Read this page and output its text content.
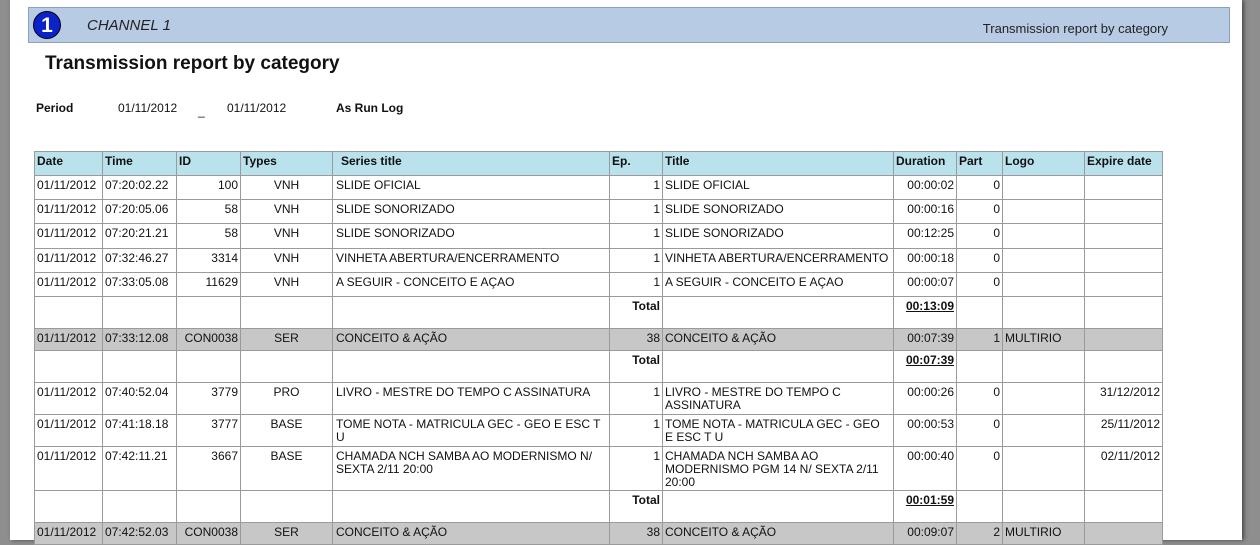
1	CHANNEL 1	Transmission report by category
Transmission report by category
Period	01/11/2012 _ 01/11/2012	As Run Log
Date	Time	ID	Types	Series title	Ep.	Title	Duration	Part	Logo	Expire date
01/11/2012	07:20:02.22	100	VNH	SLIDE OFICIAL	1	SLIDE OFICIAL	00:00:02	0		
01/11/2012	07:20:05.06	58	VNH	SLIDE SONORIZADO	1	SLIDE SONORIZADO	00:00:16	0		
01/11/2012	07:20:21.21	58	VNH	SLIDE SONORIZADO	1	SLIDE SONORIZADO	00:12:25	0		
01/11/2012	07:32:46.27	3314	VNH	VINHETA ABERTURA/ENCERRAMENTO	1	VINHETA ABERTURA/ENCERRAMENTO	00:00:18	0		
01/11/2012	07:33:05.08	11629	VNH	A SEGUIR - CONCEITO E AÇAO	1	A SEGUIR - CONCEITO E AÇAO	00:00:07	0		
					Total		00:13:09			
01/11/2012	07:33:12.08	CON0038	SER	CONCEITO & AÇÃO	38	CONCEITO & AÇÃO	00:07:39	1	MULTIRIO	
					Total		00:07:39			
01/11/2012	07:40:52.04	3779	PRO	LIVRO - MESTRE DO TEMPO C ASSINATURA	1	LIVRO - MESTRE DO TEMPO C ASSINATURA	00:00:26	0		31/12/2012
01/11/2012	07:41:18.18	3777	BASE	TOME NOTA - MATRICULA GEC - GEO E ESC T U	1	TOME NOTA - MATRICULA GEC - GEO E ESC T U	00:00:53	0		25/11/2012
01/11/2012	07:42:11.21	3667	BASE	CHAMADA NCH SAMBA AO MODERNISMO N/ SEXTA 2/11 20:00	1	CHAMADA NCH SAMBA AO MODERNISMO PGM 14 N/ SEXTA 2/11 20:00	00:00:40	0		02/11/2012
					Total		00:01:59			
01/11/2012	07:42:52.03	CON0038	SER	CONCEITO & AÇÃO	38	CONCEITO & AÇÃO	00:09:07	2	MULTIRIO	
